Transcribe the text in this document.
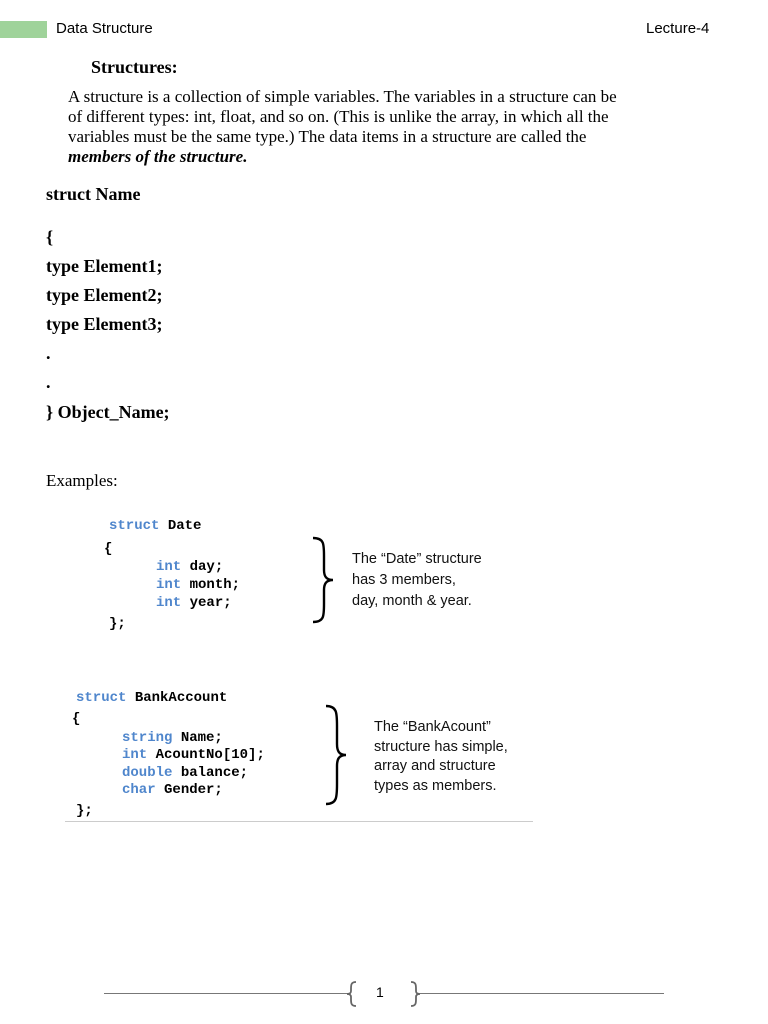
Data Structure	Lecture-4
Structures:
A structure is a collection of simple variables. The variables in a structure can be
of different types: int, float, and so on. (This is unlike the array, in which all the
variables must be the same type.) The data items in a structure are called the
members of the structure.
struct Name
{
type Element1;
type Element2;
type Element3;
.
.
} Object_Name;
Examples:
struct Date
{
int day;
int month;
int year;
};
The “Date” structure
has 3 members,
day, month & year.
struct BankAccount
{
string Name;
int AcountNo[10];
double balance;
char Gender;
};
The “BankAcount”
structure has simple,
array and structure
types as members.
1
